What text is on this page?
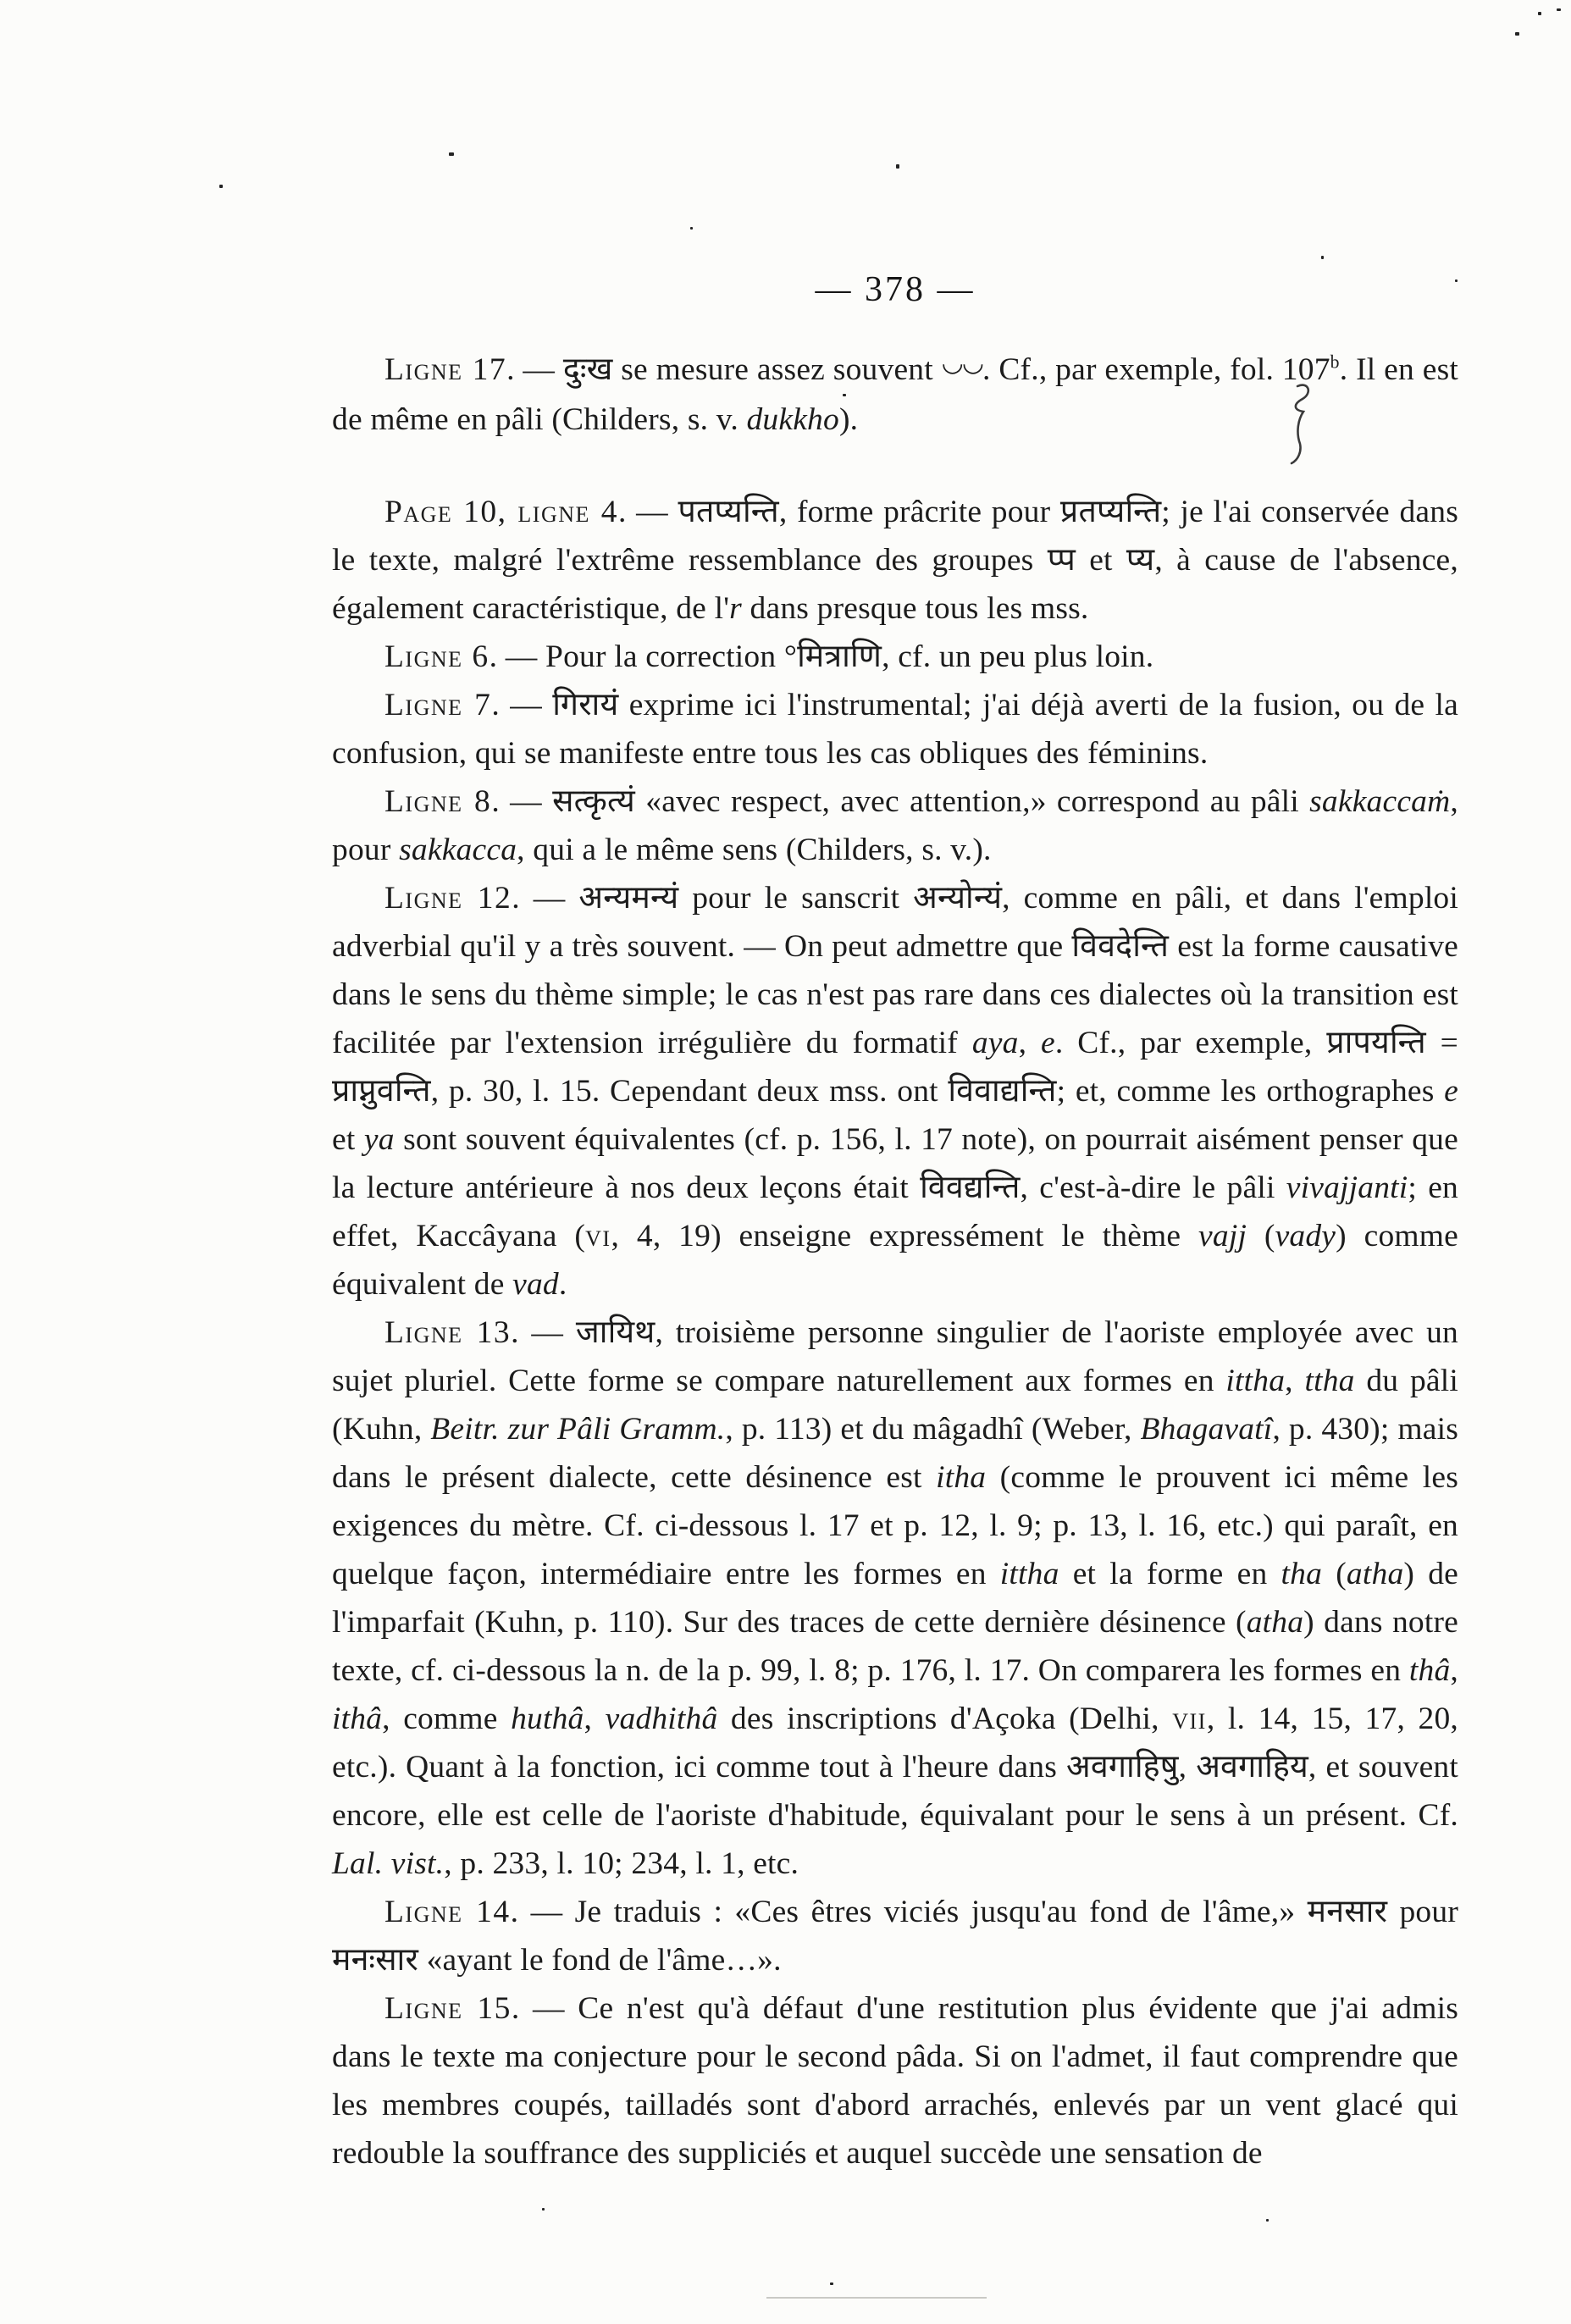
— 378 —

Ligne 17. — दुःख se mesure assez souvent ◡◡. Cf., par exemple, fol. 107$^b$. Il en est de même en pâli (Childers, s. v. dukkho).

Page 10, ligne 4. — पतप्यन्ति, forme prâcrite pour प्रतप्यन्ति; je l'ai conservée dans le texte, malgré l'extrême ressemblance des groupes प्प et प्य, à cause de l'absence, également caractéristique, de l'r dans presque tous les mss.

Ligne 6. — Pour la correction °मित्राणि, cf. un peu plus loin.

Ligne 7. — गिरायं exprime ici l'instrumental; j'ai déjà averti de la fusion, ou de la confusion, qui se manifeste entre tous les cas obliques des féminins.

Ligne 8. — सत्कृत्यं «avec respect, avec attention,» correspond au pâli sakkaccaṁ, pour sakkacca, qui a le même sens (Childers, s. v.).

Ligne 12. — अन्यमन्यं pour le sanscrit अन्योन्यं, comme en pâli, et dans l'emploi adverbial qu'il y a très souvent. — On peut admettre que विवदेन्ति est la forme causative dans le sens du thème simple; le cas n'est pas rare dans ces dialectes où la transition est facilitée par l'extension irrégulière du formatif aya, e. Cf., par exemple, प्रापयन्ति = प्राप्नुवन्ति, p. 30, l. 15. Cependant deux mss. ont विवाद्यन्ति; et, comme les orthographes e et ya sont souvent équivalentes (cf. p. 156, l. 17 note), on pourrait aisément penser que la lecture antérieure à nos deux leçons était विवद्यन्ति, c'est-à-dire le pâli vivajjanti; en effet, Kaccâyana (vi, 4, 19) enseigne expressément le thème vajj (vady) comme équivalent de vad.

Ligne 13. — जायिथ, troisième personne singulier de l'aoriste employée avec un sujet pluriel. Cette forme se compare naturellement aux formes en ittha, ttha du pâli (Kuhn, Beitr. zur Pâli Gramm., p. 113) et du mâgadhî (Weber, Bhagavatî, p. 430); mais dans le présent dialecte, cette désinence est itha (comme le prouvent ici même les exigences du mètre. Cf. ci-dessous l. 17 et p. 12, l. 9; p. 13, l. 16, etc.) qui paraît, en quelque façon, intermédiaire entre les formes en ittha et la forme en tha (atha) de l'imparfait (Kuhn, p. 110). Sur des traces de cette dernière désinence (atha) dans notre texte, cf. ci-dessous la n. de la p. 99, l. 8; p. 176, l. 17. On comparera les formes en thâ, ithâ, comme huthâ, vadhithâ des inscriptions d'Açoka (Delhi, vii, l. 14, 15, 17, 20, etc.). Quant à la fonction, ici comme tout à l'heure dans अवगाहिषु, अवगाहिय, et souvent encore, elle est celle de l'aoriste d'habitude, équivalant pour le sens à un présent. Cf. Lal. vist., p. 233, l. 10; 234, l. 1, etc.

Ligne 14. — Je traduis : «Ces êtres viciés jusqu'au fond de l'âme,» मनसार pour मनःसार «ayant le fond de l'âme…».

Ligne 15. — Ce n'est qu'à défaut d'une restitution plus évidente que j'ai admis dans le texte ma conjecture pour le second pâda. Si on l'admet, il faut comprendre que les membres coupés, tailladés sont d'abord arrachés, enlevés par un vent glacé qui redouble la souffrance des suppliciés et auquel succède une sensation de
